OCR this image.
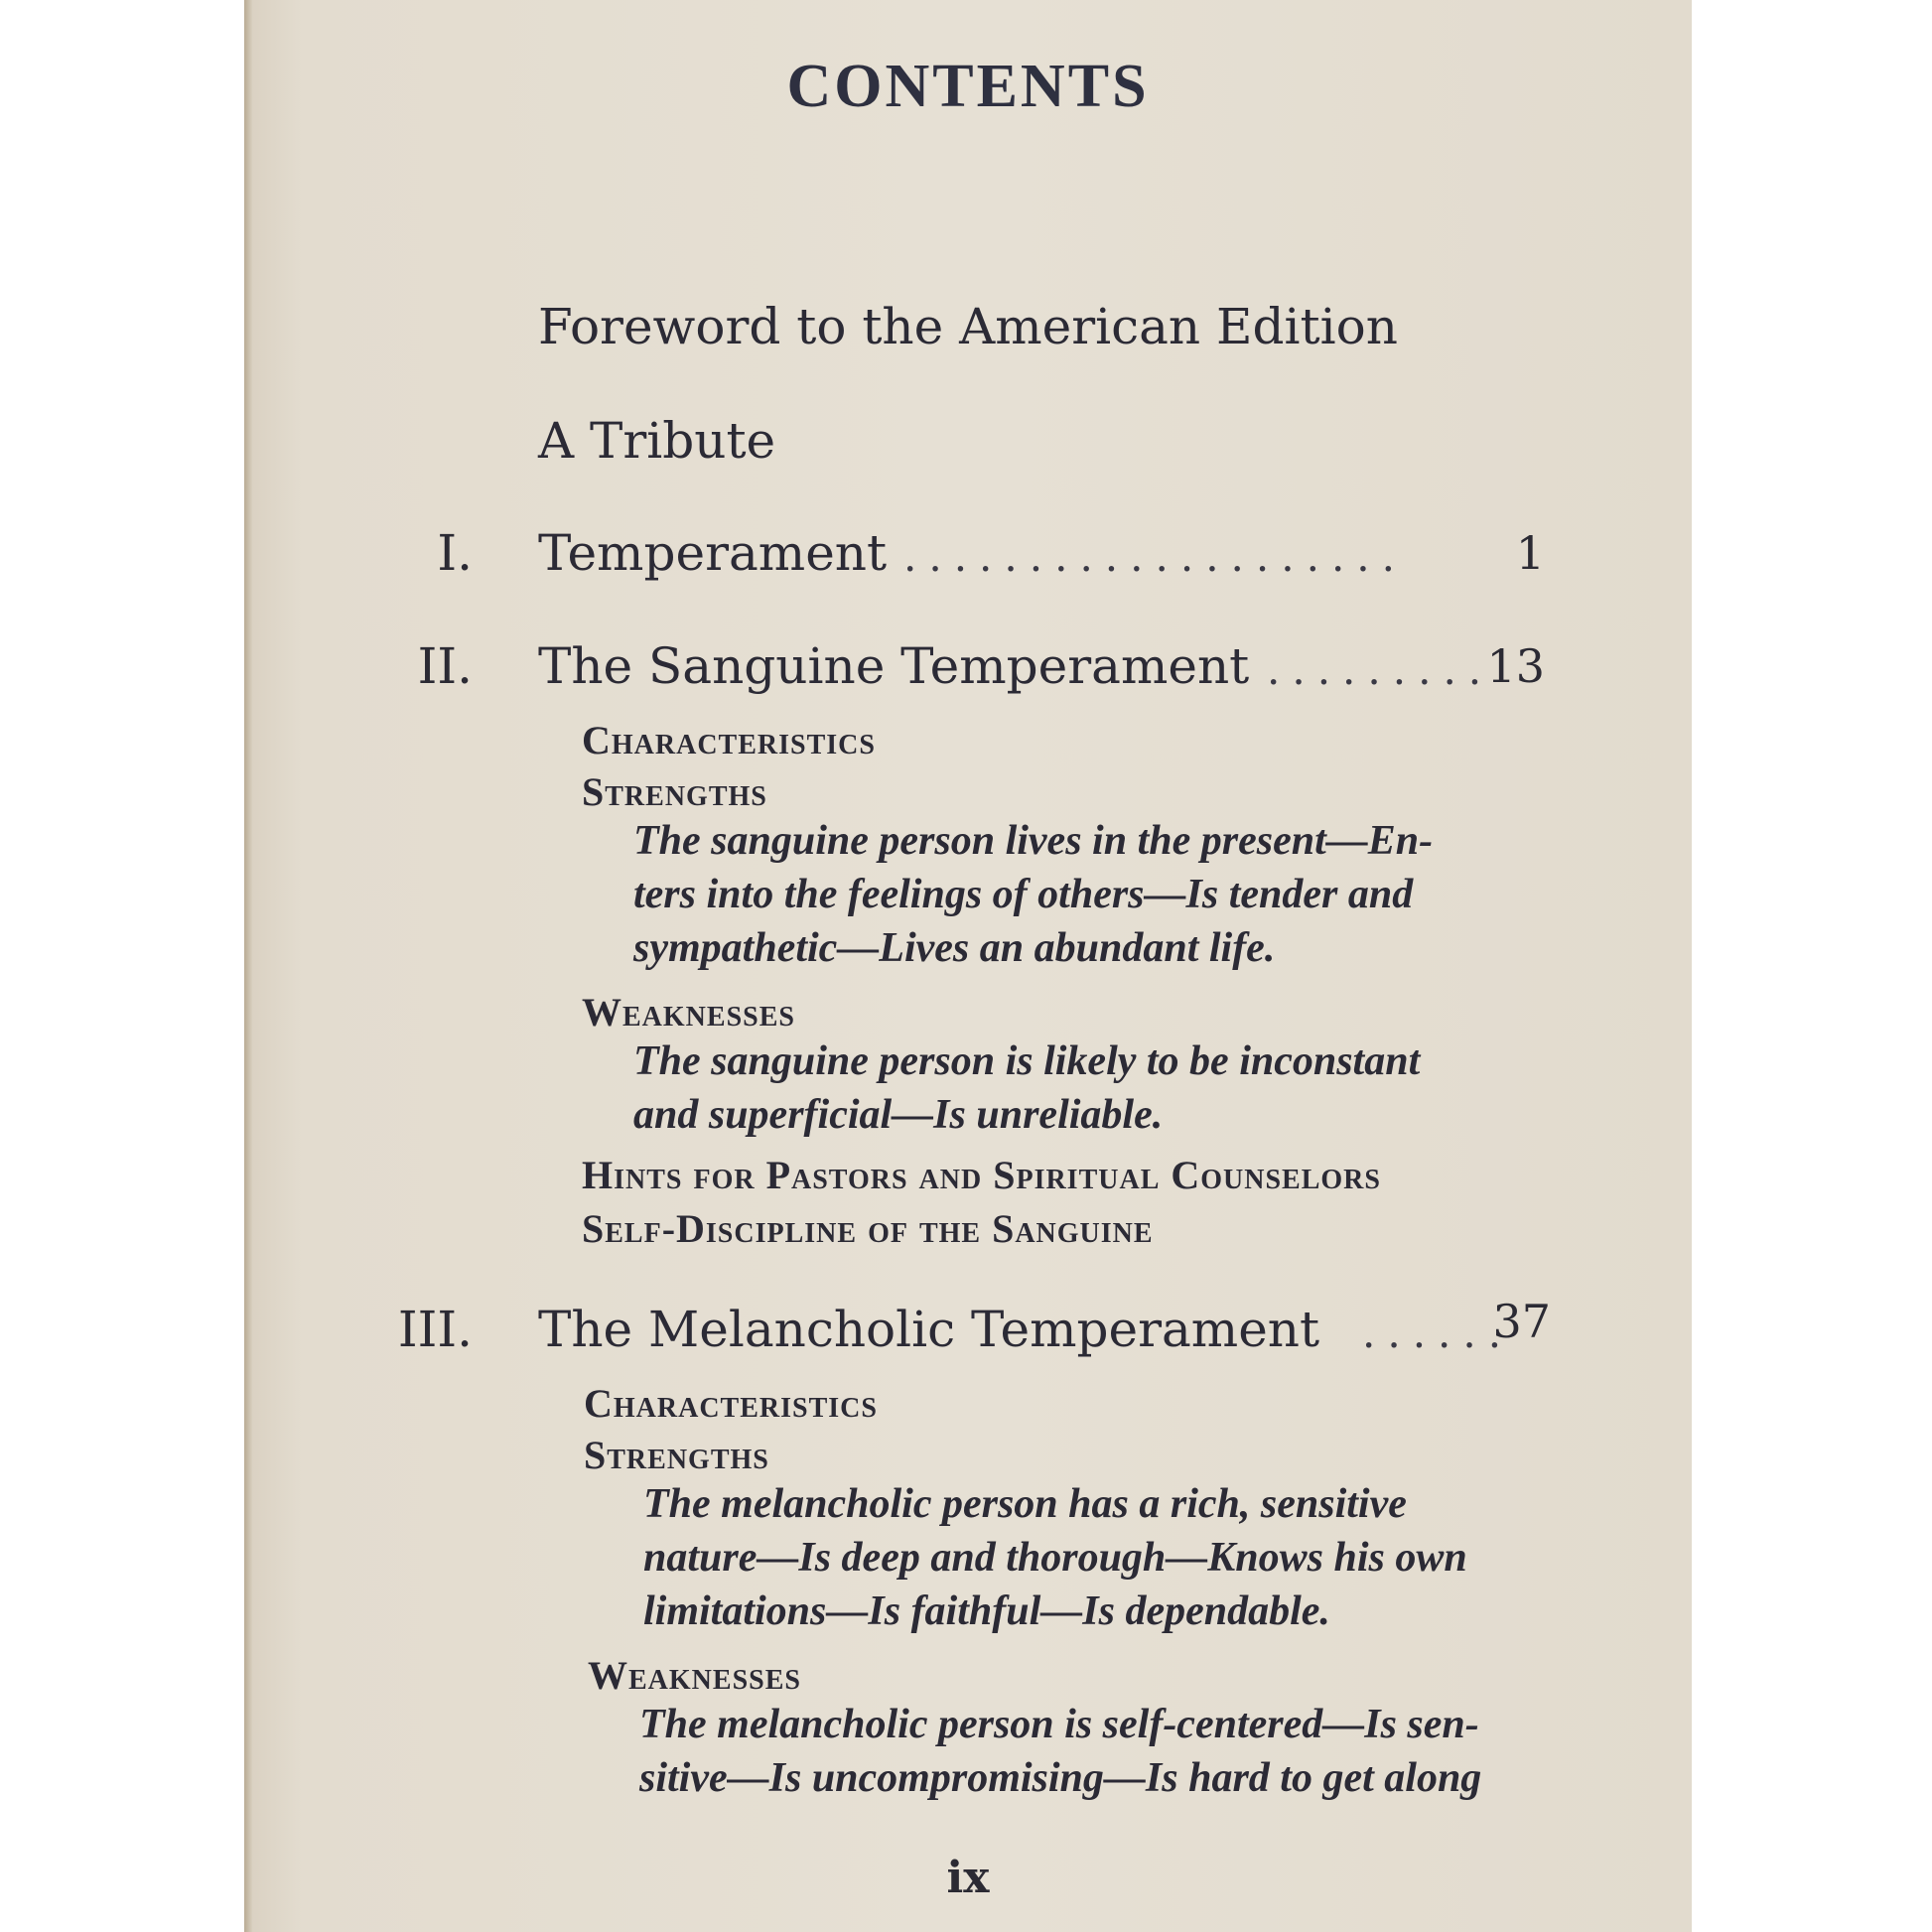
CONTENTS
Foreword to the American Edition
A Tribute
I. Temperament ....................	1
II. The Sanguine Temperament .........
13
Characteristics
Strengths
The sanguine person lives in the present—En-
ters into the feelings of others—Is tender and
sympathetic—Lives an abundant life.
Weaknesses
The sanguine person is likely to be inconstant
and superficial—Is unreliable.
Hints for Pastors and Spiritual Counselors
Self-Discipline of the Sanguine
III. The Melancholic Temperament ......
37
Characteristics
Strengths
The melancholic person has a rich, sensitive
nature—Is deep and thorough—Knows his own
limitations—Is faithful—Is dependable.
Weaknesses
The melancholic person is self-centered—Is sen-
sitive—Is uncompromising—Is hard to get along
ix
